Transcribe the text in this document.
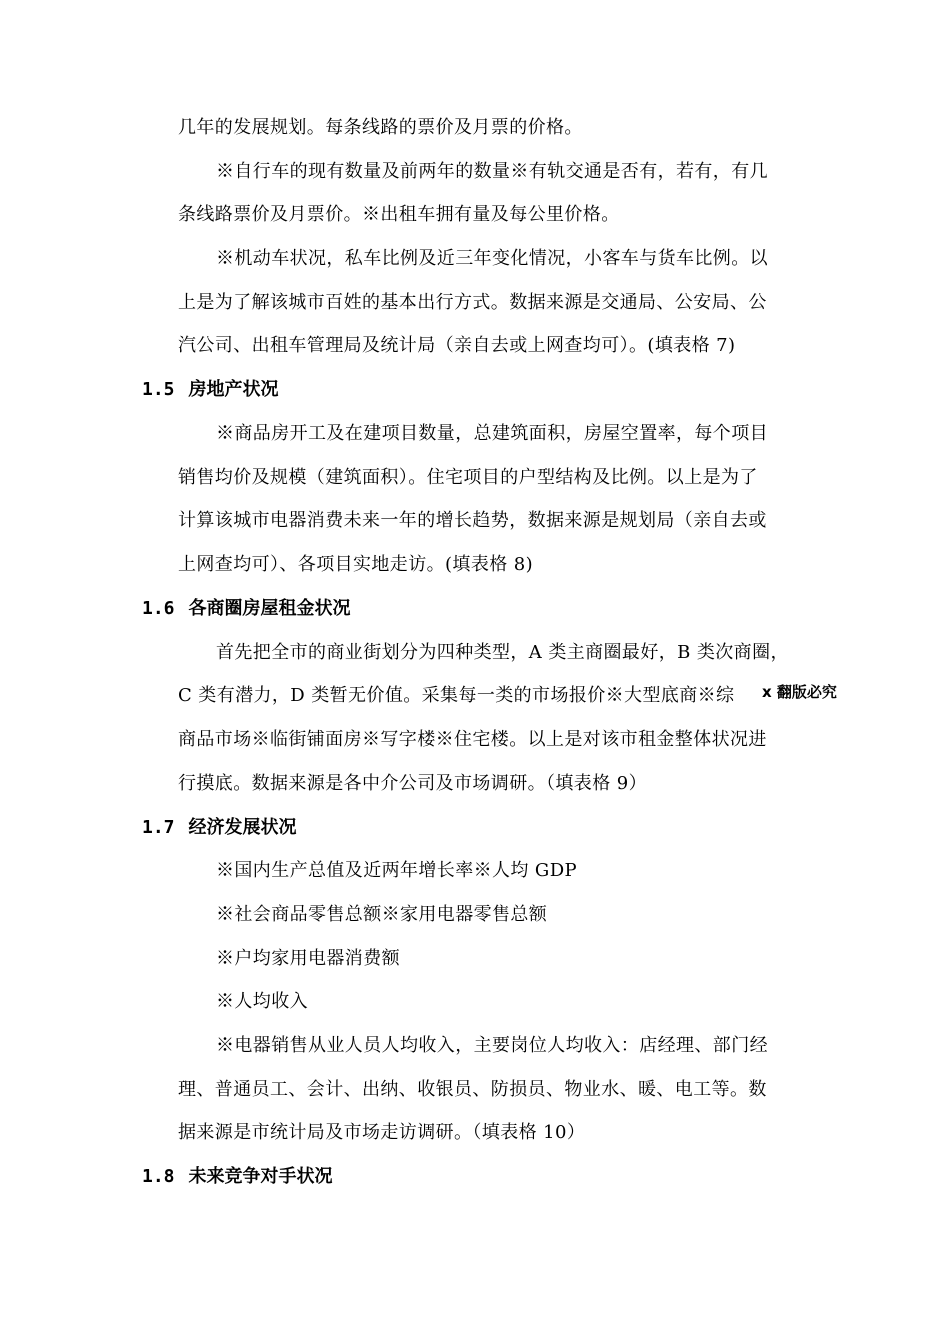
几年的发展规划。每条线路的票价及月票的价格。
※自行车的现有数量及前两年的数量※有轨交通是否有，若有，有几
条线路票价及月票价。※出租车拥有量及每公里价格。
※机动车状况，私车比例及近三年变化情况，小客车与货车比例。以
上是为了解该城市百姓的基本出行方式。数据来源是交通局、公安局、公
汽公司、出租车管理局及统计局（亲自去或上网查均可）。(填表格 7)
1.5 房地产状况
※商品房开工及在建项目数量，总建筑面积，房屋空置率，每个项目
销售均价及规模（建筑面积）。住宅项目的户型结构及比例。以上是为了
计算该城市电器消费未来一年的增长趋势，数据来源是规划局（亲自去或
上网查均可）、各项目实地走访。(填表格 8)
1.6 各商圈房屋租金状况
首先把全市的商业街划分为四种类型，A 类主商圈最好，B 类次商圈，
C 类有潜力，D 类暂无价值。采集每一类的市场报价※大型底商※综
商品市场※临街铺面房※写字楼※住宅楼。以上是对该市租金整体状况进
行摸底。数据来源是各中介公司及市场调研。（填表格 9）
x 翻版必究
1.7 经济发展状况
※国内生产总值及近两年增长率※人均 GDP
※社会商品零售总额※家用电器零售总额
※户均家用电器消费额
※人均收入
※电器销售从业人员人均收入，主要岗位人均收入：店经理、部门经
理、普通员工、会计、出纳、收银员、防损员、物业水、暖、电工等。数
据来源是市统计局及市场走访调研。（填表格 10）
1.8 未来竞争对手状况
